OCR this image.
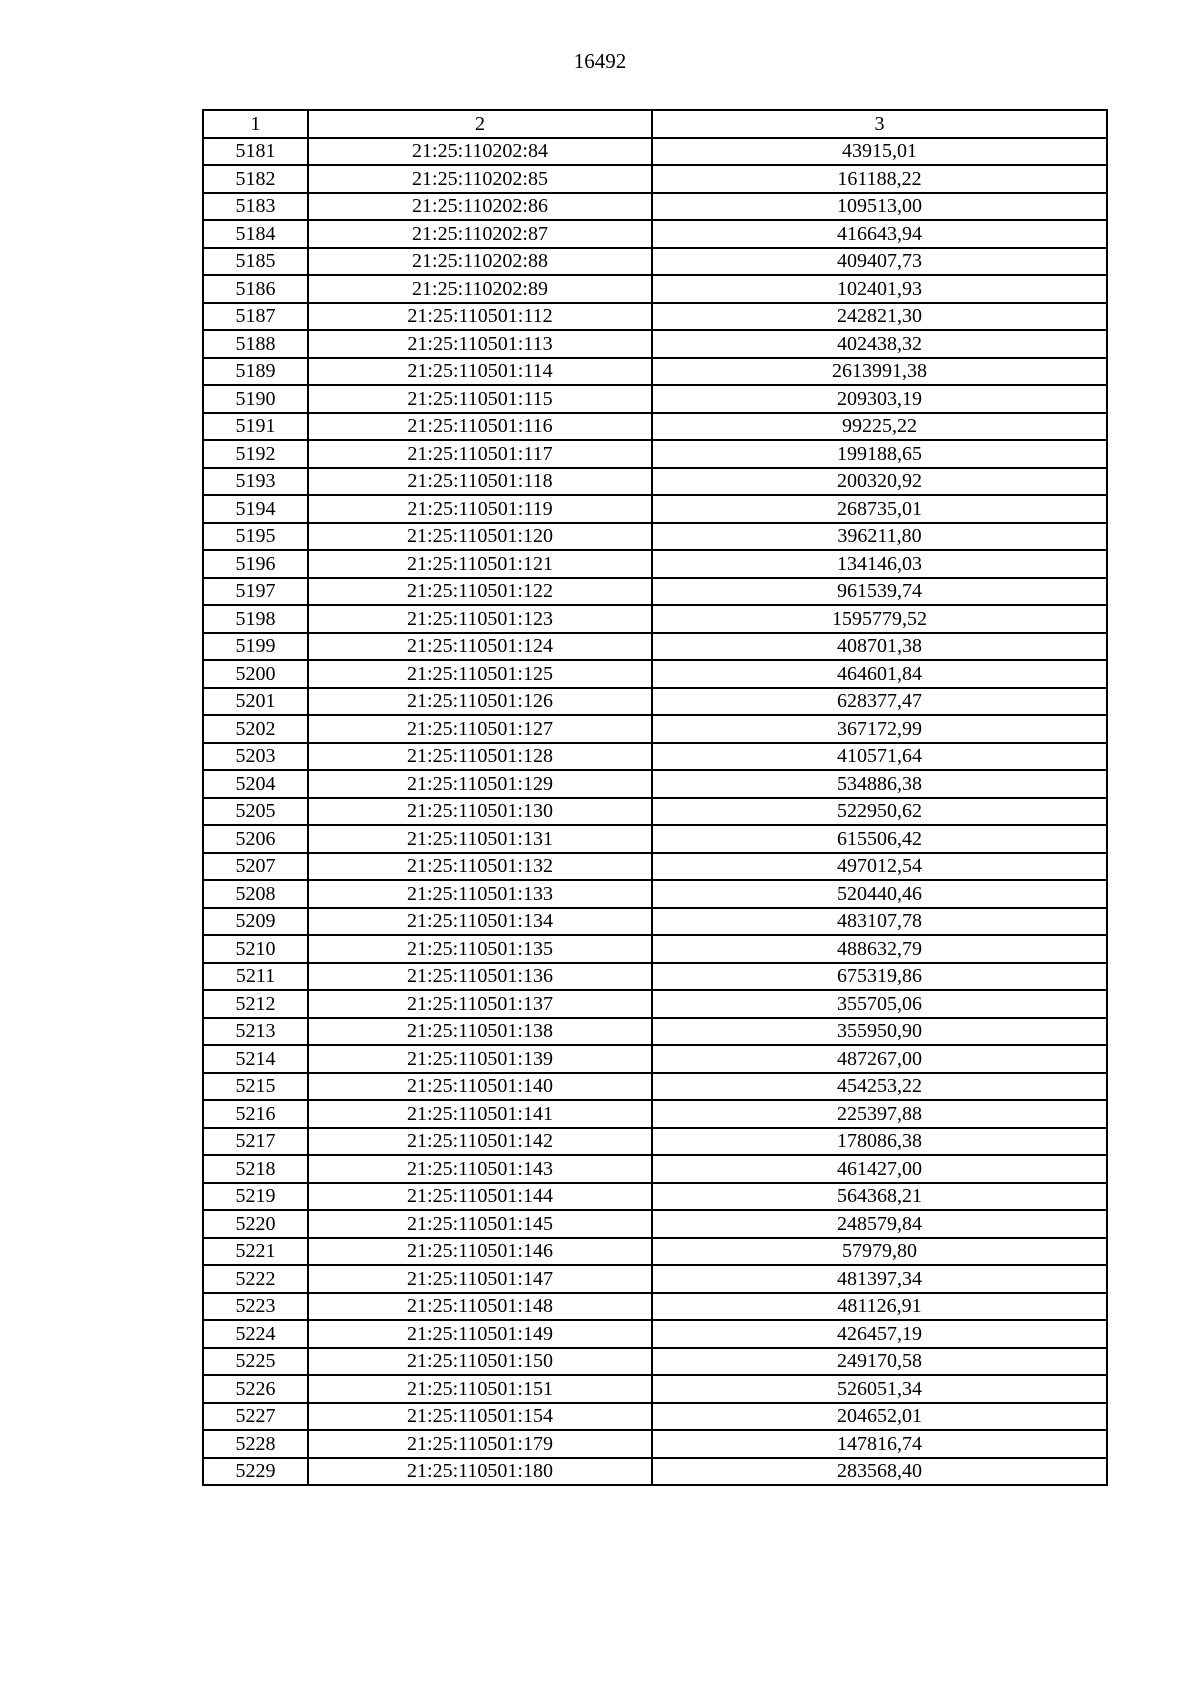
16492
1	2	3
5181	21:25:110202:84	43915,01
5182	21:25:110202:85	161188,22
5183	21:25:110202:86	109513,00
5184	21:25:110202:87	416643,94
5185	21:25:110202:88	409407,73
5186	21:25:110202:89	102401,93
5187	21:25:110501:112	242821,30
5188	21:25:110501:113	402438,32
5189	21:25:110501:114	2613991,38
5190	21:25:110501:115	209303,19
5191	21:25:110501:116	99225,22
5192	21:25:110501:117	199188,65
5193	21:25:110501:118	200320,92
5194	21:25:110501:119	268735,01
5195	21:25:110501:120	396211,80
5196	21:25:110501:121	134146,03
5197	21:25:110501:122	961539,74
5198	21:25:110501:123	1595779,52
5199	21:25:110501:124	408701,38
5200	21:25:110501:125	464601,84
5201	21:25:110501:126	628377,47
5202	21:25:110501:127	367172,99
5203	21:25:110501:128	410571,64
5204	21:25:110501:129	534886,38
5205	21:25:110501:130	522950,62
5206	21:25:110501:131	615506,42
5207	21:25:110501:132	497012,54
5208	21:25:110501:133	520440,46
5209	21:25:110501:134	483107,78
5210	21:25:110501:135	488632,79
5211	21:25:110501:136	675319,86
5212	21:25:110501:137	355705,06
5213	21:25:110501:138	355950,90
5214	21:25:110501:139	487267,00
5215	21:25:110501:140	454253,22
5216	21:25:110501:141	225397,88
5217	21:25:110501:142	178086,38
5218	21:25:110501:143	461427,00
5219	21:25:110501:144	564368,21
5220	21:25:110501:145	248579,84
5221	21:25:110501:146	57979,80
5222	21:25:110501:147	481397,34
5223	21:25:110501:148	481126,91
5224	21:25:110501:149	426457,19
5225	21:25:110501:150	249170,58
5226	21:25:110501:151	526051,34
5227	21:25:110501:154	204652,01
5228	21:25:110501:179	147816,74
5229	21:25:110501:180	283568,40
